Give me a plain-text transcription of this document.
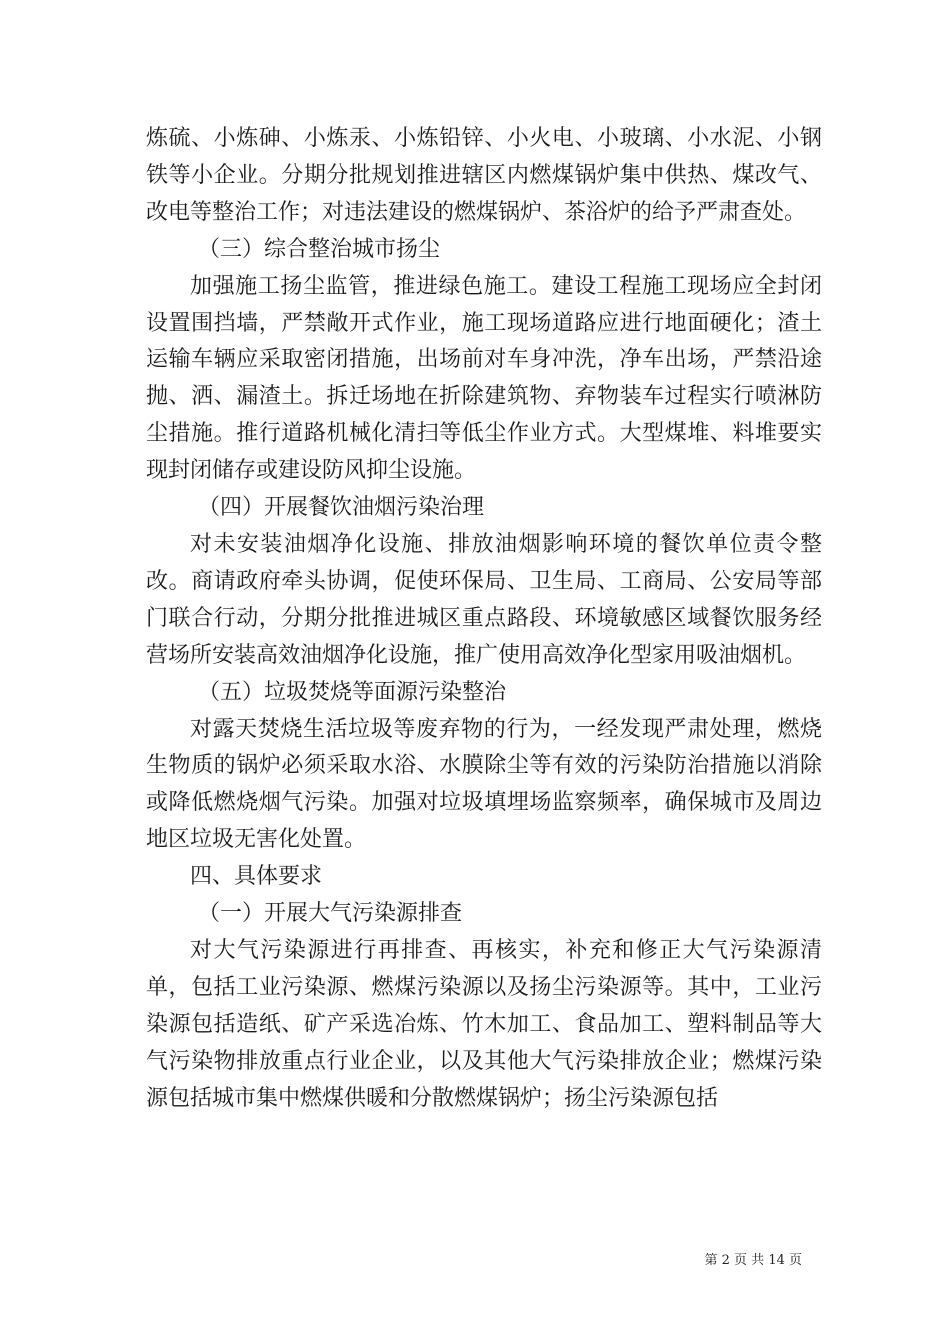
炼硫、小炼砷、小炼汞、小炼铅锌、小火电、小玻璃、小水泥、小钢铁等小企业。分期分批规划推进辖区内燃煤锅炉集中供热、煤改气、改电等整治工作；对违法建设的燃煤锅炉、茶浴炉的给予严肃查处。

（三）综合整治城市扬尘

加强施工扬尘监管，推进绿色施工。建设工程施工现场应全封闭设置围挡墙，严禁敞开式作业，施工现场道路应进行地面硬化；渣土运输车辆应采取密闭措施，出场前对车身冲洗，净车出场，严禁沿途抛、洒、漏渣土。拆迁场地在折除建筑物、弃物装车过程实行喷淋防尘措施。推行道路机械化清扫等低尘作业方式。大型煤堆、料堆要实现封闭储存或建设防风抑尘设施。

（四）开展餐饮油烟污染治理

对未安装油烟净化设施、排放油烟影响环境的餐饮单位责令整改。商请政府牵头协调，促使环保局、卫生局、工商局、公安局等部门联合行动，分期分批推进城区重点路段、环境敏感区域餐饮服务经营场所安装高效油烟净化设施，推广使用高效净化型家用吸油烟机。

（五）垃圾焚烧等面源污染整治

对露天焚烧生活垃圾等废弃物的行为，一经发现严肃处理，燃烧生物质的锅炉必须采取水浴、水膜除尘等有效的污染防治措施以消除或降低燃烧烟气污染。加强对垃圾填埋场监察频率，确保城市及周边地区垃圾无害化处置。

四、具体要求

（一）开展大气污染源排查

对大气污染源进行再排查、再核实，补充和修正大气污染源清单，包括工业污染源、燃煤污染源以及扬尘污染源等。其中，工业污染源包括造纸、矿产采选冶炼、竹木加工、食品加工、塑料制品等大气污染物排放重点行业企业，以及其他大气污染排放企业；燃煤污染源包括城市集中燃煤供暖和分散燃煤锅炉；扬尘污染源包括

第 2 页 共 14 页
